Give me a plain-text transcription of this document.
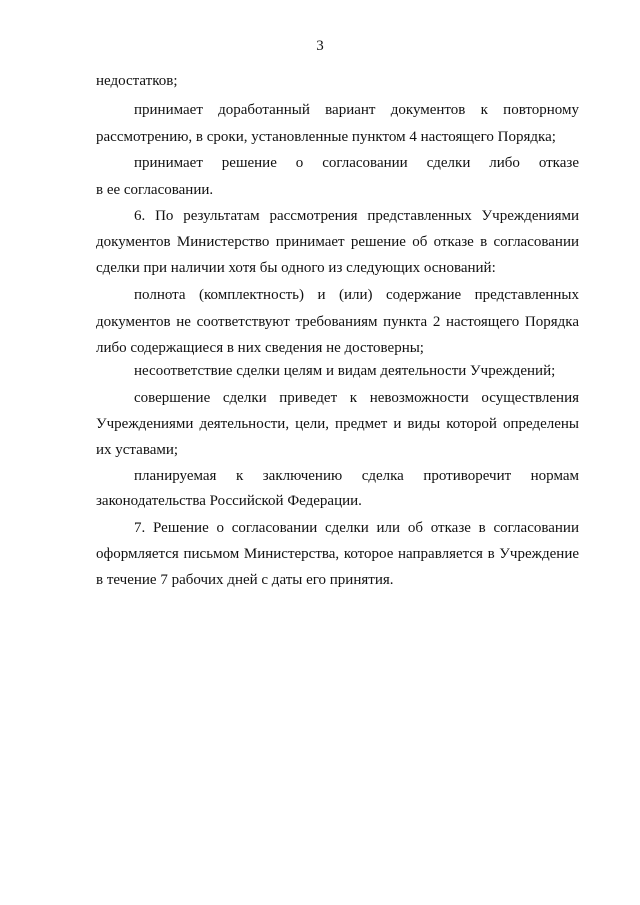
3
недостатков;
принимает доработанный вариант документов к повторному
рассмотрению, в сроки, установленные пунктом 4 настоящего Порядка;
принимает решение о согласовании сделки либо отказе
в ее согласовании.
6. По результатам рассмотрения представленных Учреждениями
документов Министерство принимает решение об отказе в согласовании
сделки при наличии хотя бы одного из следующих оснований:
полнота (комплектность) и (или) содержание представленных
документов не соответствуют требованиям пункта 2 настоящего Порядка
либо содержащиеся в них сведения не достоверны;
несоответствие сделки целям и видам деятельности Учреждений;
совершение сделки приведет к невозможности осуществления
Учреждениями деятельности, цели, предмет и виды которой определены
их уставами;
планируемая к заключению сделка противоречит нормам
законодательства Российской Федерации.
7. Решение о согласовании сделки или об отказе в согласовании
оформляется письмом Министерства, которое направляется в Учреждение
в течение 7 рабочих дней с даты его принятия.
